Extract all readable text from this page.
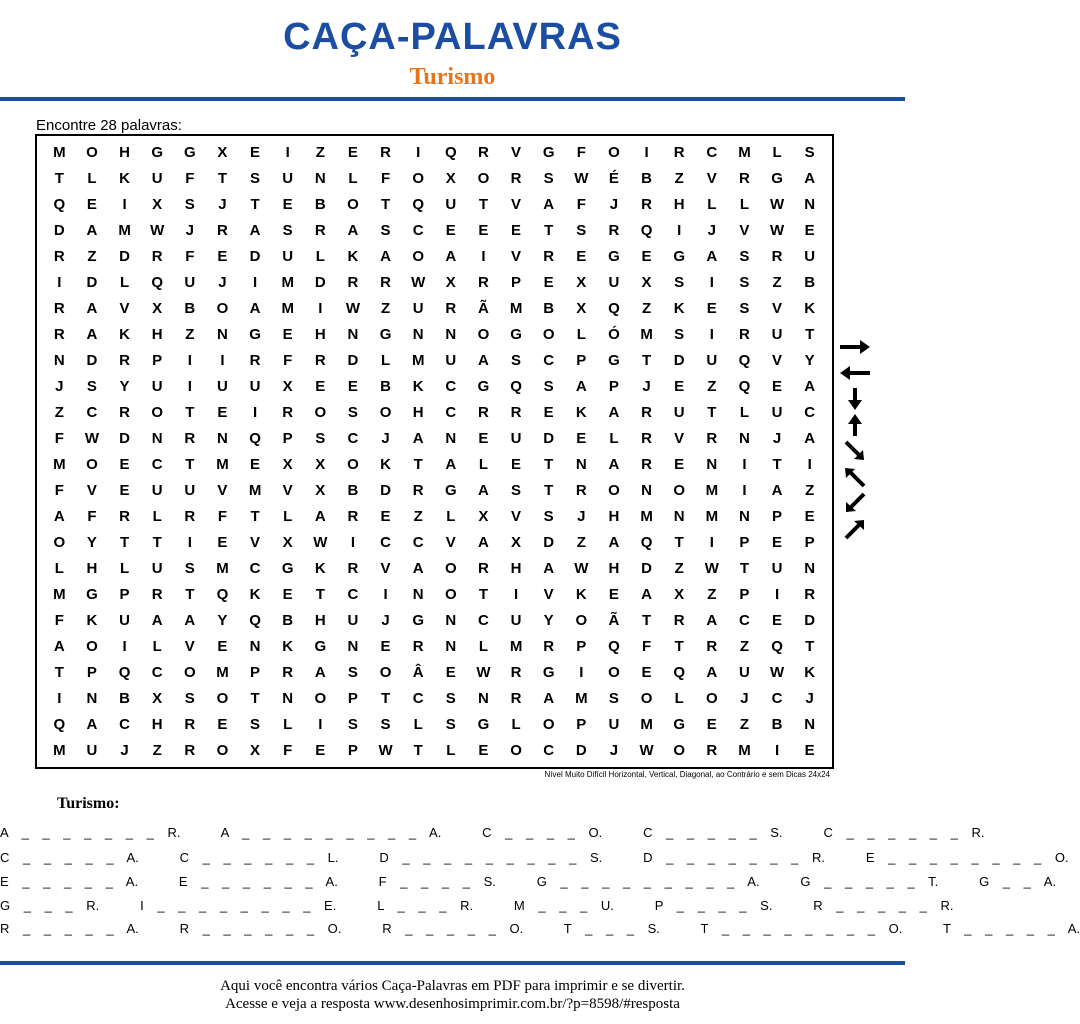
CAÇA-PALAVRAS
Turismo
Encontre 28 palavras:
M	O	H	G	G	X	E	I	Z	E	R	I	Q	R	V	G	F	O	I	R	C	M	L	S
T	L	K	U	F	T	S	U	N	L	F	O	X	O	R	S	W	É	B	Z	V	R	G	A
Q	E	I	X	S	J	T	E	B	O	T	Q	U	T	V	A	F	J	R	H	L	L	W	N
D	A	M	W	J	R	A	S	R	A	S	C	E	E	E	T	S	R	Q	I	J	V	W	E
R	Z	D	R	F	E	D	U	L	K	A	O	A	I	V	R	E	G	E	G	A	S	R	U
I	D	L	Q	U	J	I	M	D	R	R	W	X	R	P	E	X	U	X	S	I	S	Z	B
R	A	V	X	B	O	A	M	I	W	Z	U	R	Ã	M	B	X	Q	Z	K	E	S	V	K
R	A	K	H	Z	N	G	E	H	N	G	N	N	O	G	O	L	Ó	M	S	I	R	U	T
N	D	R	P	I	I	R	F	R	D	L	M	U	A	S	C	P	G	T	D	U	Q	V	Y
J	S	Y	U	I	U	U	X	E	E	B	K	C	G	Q	S	A	P	J	E	Z	Q	E	A
Z	C	R	O	T	E	I	R	O	S	O	H	C	R	R	E	K	A	R	U	T	L	U	C
F	W	D	N	R	N	Q	P	S	C	J	A	N	E	U	D	E	L	R	V	R	N	J	A
M	O	E	C	T	M	E	X	X	O	K	T	A	L	E	T	N	A	R	E	N	I	T	I
F	V	E	U	U	V	M	V	X	B	D	R	G	A	S	T	R	O	N	O	M	I	A	Z
A	F	R	L	R	F	T	L	A	R	E	Z	L	X	V	S	J	H	M	N	M	N	P	E
O	Y	T	T	I	E	V	X	W	I	C	C	V	A	X	D	Z	A	Q	T	I	P	E	P
L	H	L	U	S	M	C	G	K	R	V	A	O	R	H	A	W	H	D	Z	W	T	U	N
M	G	P	R	T	Q	K	E	T	C	I	N	O	T	I	V	K	E	A	X	Z	P	I	R
F	K	U	A	A	Y	Q	B	H	U	J	G	N	C	U	Y	O	Ã	T	R	A	C	E	D
A	O	I	L	V	E	N	K	G	N	E	R	N	L	M	R	P	Q	F	T	R	Z	Q	T
T	P	Q	C	O	M	P	R	A	S	O	Â	E	W	R	G	I	O	E	Q	A	U	W	K
I	N	B	X	S	O	T	N	O	P	T	C	S	N	R	A	M	S	O	L	O	J	C	J
Q	A	C	H	R	E	S	L	I	S	S	L	S	G	L	O	P	U	M	G	E	Z	B	N
M	U	J	Z	R	O	X	F	E	P	W	T	L	E	O	C	D	J	W	O	R	M	I	E
Nível Muito Difícil Horizontal, Vertical, Diagonal, ao Contrário e sem Dicas 24x24
Turismo:
A _ _ _ _ _ _ _ R.	A _ _ _ _ _ _ _ _ _ A.	C _ _ _ _ O.	C _ _ _ _ _ S.	C _ _ _ _ _ _ R.
C _ _ _ _ _ A.	C _ _ _ _ _ _ L.	D _ _ _ _ _ _ _ _ _ S.	D _ _ _ _ _ _ _ R.	E _ _ _ _ _ _ _ _ O.
E _ _ _ _ _ A.	E _ _ _ _ _ _ A.	F _ _ _ _ S.	G _ _ _ _ _ _ _ _ _ A.	G _ _ _ _ _ T.	G _ _ A.
G _ _ _ R.	I _ _ _ _ _ _ _ _ E.	L _ _ _ R.	M _ _ _ U.	P _ _ _ _ S.	R _ _ _ _ _ R.
R _ _ _ _ _ A.	R _ _ _ _ _ _ O.	R _ _ _ _ _ O.	T _ _ _ S.	T _ _ _ _ _ _ _ _ O.	T _ _ _ _ _ A.
Aqui você encontra vários Caça-Palavras em PDF para imprimir e se divertir.
Acesse e veja a resposta www.desenhosimprimir.com.br/?p=8598/#resposta
